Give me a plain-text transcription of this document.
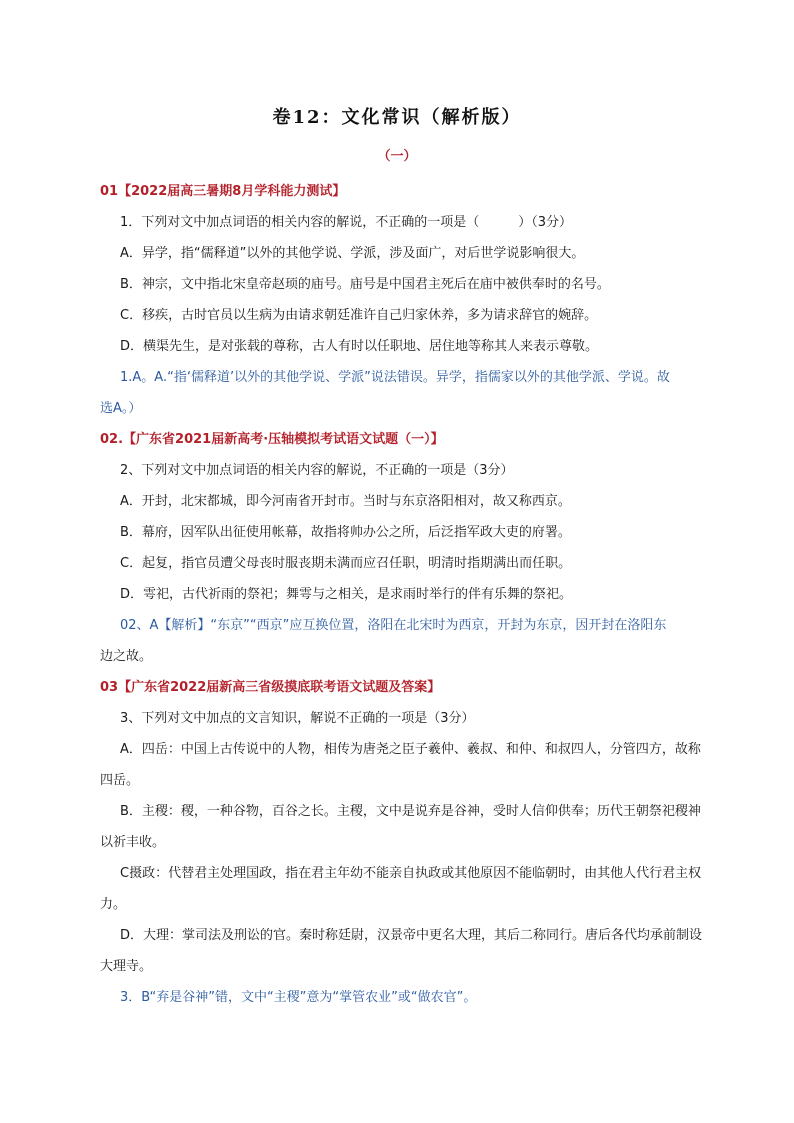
卷12：文化常识（解析版）
（一）
01【2022届高三暑期8月学科能力测试】
1．下列对文中加点词语的相关内容的解说，不正确的一项是（　　　）（3分）
A．异学，指“儒释道”以外的其他学说、学派，涉及面广，对后世学说影响很大。
B．神宗，文中指北宋皇帝赵顼的庙号。庙号是中国君主死后在庙中被供奉时的名号。
C．移疾，古时官员以生病为由请求朝廷准许自己归家休养，多为请求辞官的婉辞。
D．横渠先生，是对张载的尊称，古人有时以任职地、居住地等称其人来表示尊敬。
1.A。A.“指‘儒释道’以外的其他学说、学派”说法错误。异学，指儒家以外的其他学派、学说。故
选A。）
02.【广东省2021届新高考·压轴模拟考试语文试题（一）】
2、下列对文中加点词语的相关内容的解说，不正确的一项是（3分）
A．开封，北宋都城，即今河南省开封市。当时与东京洛阳相对，故又称西京。
B．幕府，因军队出征使用帐幕，故指将帅办公之所，后泛指军政大吏的府署。
C．起复，指官员遭父母丧时服丧期未满而应召任职，明清时指期满出而任职。
D．雩祀，古代祈雨的祭祀；舞雩与之相关，是求雨时举行的伴有乐舞的祭祀。
02、A【解析】“东京”“西京”应互换位置，洛阳在北宋时为西京，开封为东京，因开封在洛阳东
边之故。
03【广东省2022届新高三省级摸底联考语文试题及答案】
3、下列对文中加点的文言知识，解说不正确的一项是（3分）
A．四岳：中国上古传说中的人物，相传为唐尧之臣子羲仲、羲叔、和仲、和叔四人，分管四方，故称
四岳。
B．主稷：稷，一种谷物，百谷之长。主稷，文中是说弃是谷神，受时人信仰供奉；历代王朝祭祀稷神
以祈丰收。
C摄政：代替君主处理国政，指在君主年幼不能亲自执政或其他原因不能临朝时，由其他人代行君主权
力。
D．大理：掌司法及刑讼的官。秦时称廷尉，汉景帝中更名大理，其后二称同行。唐后各代均承前制设
大理寺。
3．B“弃是谷神”错，文中“主稷”意为“掌管农业”或“做农官”。
